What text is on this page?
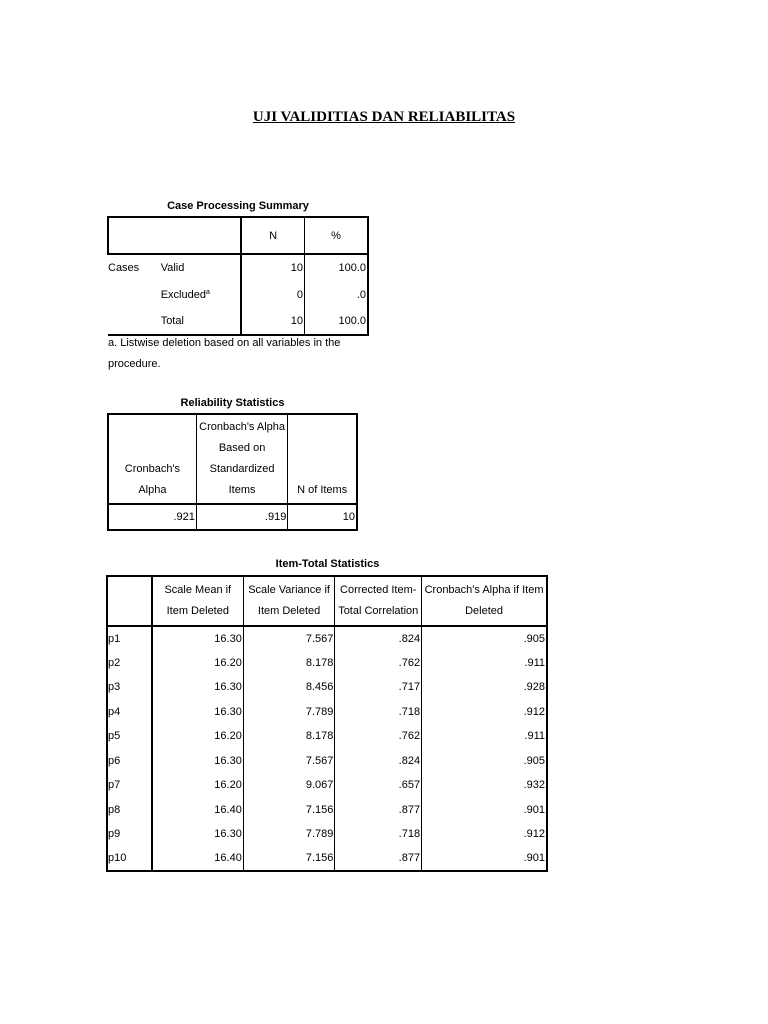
UJI VALIDITIAS DAN RELIABILITAS
Case Processing Summary
		N	%
Cases	Valid	10	100.0
	Excluded$^a$	0	.0
	Total	10	100.0
a. Listwise deletion based on all variables in the procedure.
Reliability Statistics
Cronbach's Alpha	Cronbach's Alpha Based on Standardized Items	N of Items
.921	.919	10
Item-Total Statistics
	Scale Mean if Item Deleted	Scale Variance if Item Deleted	Corrected Item-Total Correlation	Cronbach's Alpha if Item Deleted
p1	16.30	7.567	.824	.905
p2	16.20	8.178	.762	.911
p3	16.30	8.456	.717	.928
p4	16.30	7.789	.718	.912
p5	16.20	8.178	.762	.911
p6	16.30	7.567	.824	.905
p7	16.20	9.067	.657	.932
p8	16.40	7.156	.877	.901
p9	16.30	7.789	.718	.912
p10	16.40	7.156	.877	.901
